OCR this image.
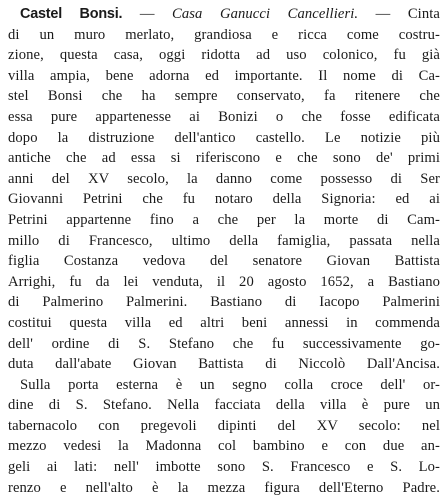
Castel Bonsi. — Casa Ganucci Cancellieri. — Cinta
di un muro merlato, grandiosa e ricca come costru-
zione, questa casa, oggi ridotta ad uso colonico, fu già
villa ampia, bene adorna ed importante. Il nome di Ca-
stel Bonsi che ha sempre conservato, fa ritenere che
essa pure appartenesse ai Bonizi o che fosse edificata
dopo la distruzione dell'antico castello. Le notizie più
antiche che ad essa si riferiscono e che sono de' primi
anni del XV secolo, la danno come possesso di Ser
Giovanni Petrini che fu notaro della Signoria: ed ai
Petrini appartenne fino a che per la morte di Cam-
millo di Francesco, ultimo della famiglia, passata nella
figlia Costanza vedova del senatore Giovan Battista
Arrighi, fu da lei venduta, il 20 agosto 1652, a Bastiano
di Palmerino Palmerini. Bastiano di Iacopo Palmerini
costitui questa villa ed altri beni annessi in commenda
dell' ordine di S. Stefano che fu successivamente go-
duta dall'abate Giovan Battista di Niccolò Dall'Ancisa.
Sulla porta esterna è un segno colla croce dell' or-
dine di S. Stefano. Nella facciata della villa è pure un
tabernacolo con pregevoli dipinti del XV secolo: nel
mezzo vedesi la Madonna col bambino e con due an-
geli ai lati: nell' imbotte sono S. Francesco e S. Lo-
renzo e nell'alto è la mezza figura dell'Eterno Padre.
